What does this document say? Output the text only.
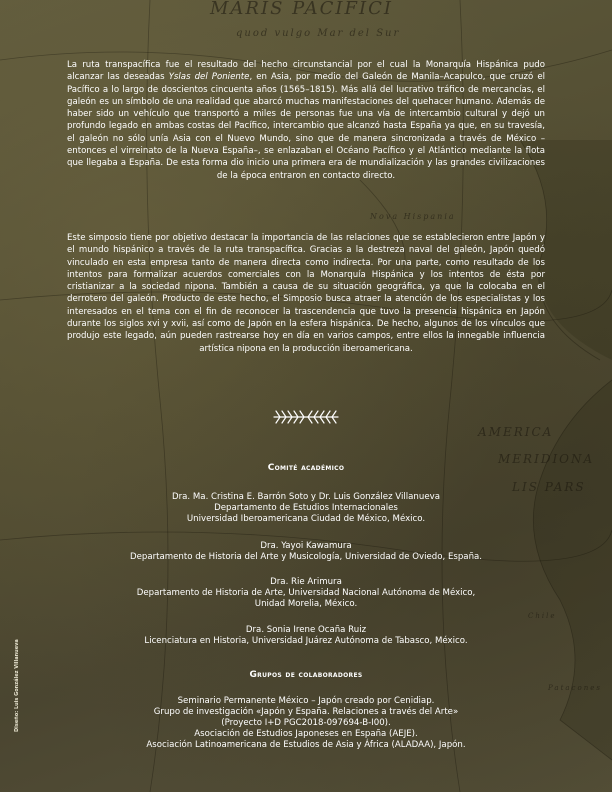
MARIS PACIFICI
quod vulgo Mar del Sur
Nova Hispania
AMERICA
MERIDIONA
LIS PARS
Patacones
Chile

La ruta transpacífica fue el resultado del hecho circunstancial por el cual la Monarquía Hispánica pudo alcanzar las deseadas Yslas del Poniente, en Asia, por medio del Galeón de Manila–Acapulco, que cruzó el Pacífico a lo largo de doscientos cincuenta años (1565–1815). Más allá del lucrativo tráfico de mercancías, el galeón es un símbolo de una realidad que abarcó muchas manifestaciones del quehacer humano. Además de haber sido un vehículo que transportó a miles de personas fue una vía de intercambio cultural y dejó un profundo legado en ambas costas del Pacífico, intercambio que alcanzó hasta España ya que, en su travesía, el galeón no sólo unía Asia con el Nuevo Mundo, sino que de manera sincronizada a través de México –entonces el virreinato de la Nueva España–, se enlazaban el Océano Pacífico y el Atlántico mediante la flota que llegaba a España. De esta forma dio inicio una primera era de mundialización y las grandes civilizaciones de la época entraron en contacto directo.

Este simposio tiene por objetivo destacar la importancia de las relaciones que se establecieron entre Japón y el mundo hispánico a través de la ruta transpacífica. Gracias a la destreza naval del galeón, Japón quedó vinculado en esta empresa tanto de manera directa como indirecta. Por una parte, como resultado de los intentos para formalizar acuerdos comerciales con la Monarquía Hispánica y los intentos de ésta por cristianizar a la sociedad nipona. También a causa de su situación geográfica, ya que la colocaba en el derrotero del galeón. Producto de este hecho, el Simposio busca atraer la atención de los especialistas y los interesados en el tema con el fin de reconocer la trascendencia que tuvo la presencia hispánica en Japón durante los siglos xvi y xvii, así como de Japón en la esfera hispánica. De hecho, algunos de los vínculos que produjo este legado, aún pueden rastrearse hoy en día en varios campos, entre ellos la innegable influencia artística nipona en la producción iberoamericana.

Comité académico
Dra. Ma. Cristina E. Barrón Soto y Dr. Luis González Villanueva
Departamento de Estudios Internacionales
Universidad Iberoamericana Ciudad de México, México.
Dra. Yayoi Kawamura
Departamento de Historia del Arte y Musicología, Universidad de Oviedo, España.
Dra. Rie Arimura
Departamento de Historia de Arte, Universidad Nacional Autónoma de México,
Unidad Morelia, México.
Dra. Sonia Irene Ocaña Ruiz
Licenciatura en Historia, Universidad Juárez Autónoma de Tabasco, México.
Grupos de colaboradores
Seminario Permanente México – Japón creado por Cenidiap.
Grupo de investigación «Japón y España. Relaciones a través del Arte»
(Proyecto I+D PGC2018-097694-B-I00).
Asociación de Estudios Japoneses en España (AEJE).
Asociación Latinoamericana de Estudios de Asia y África (ALADAA), Japón.
Diseño: Luis González Villanueva
